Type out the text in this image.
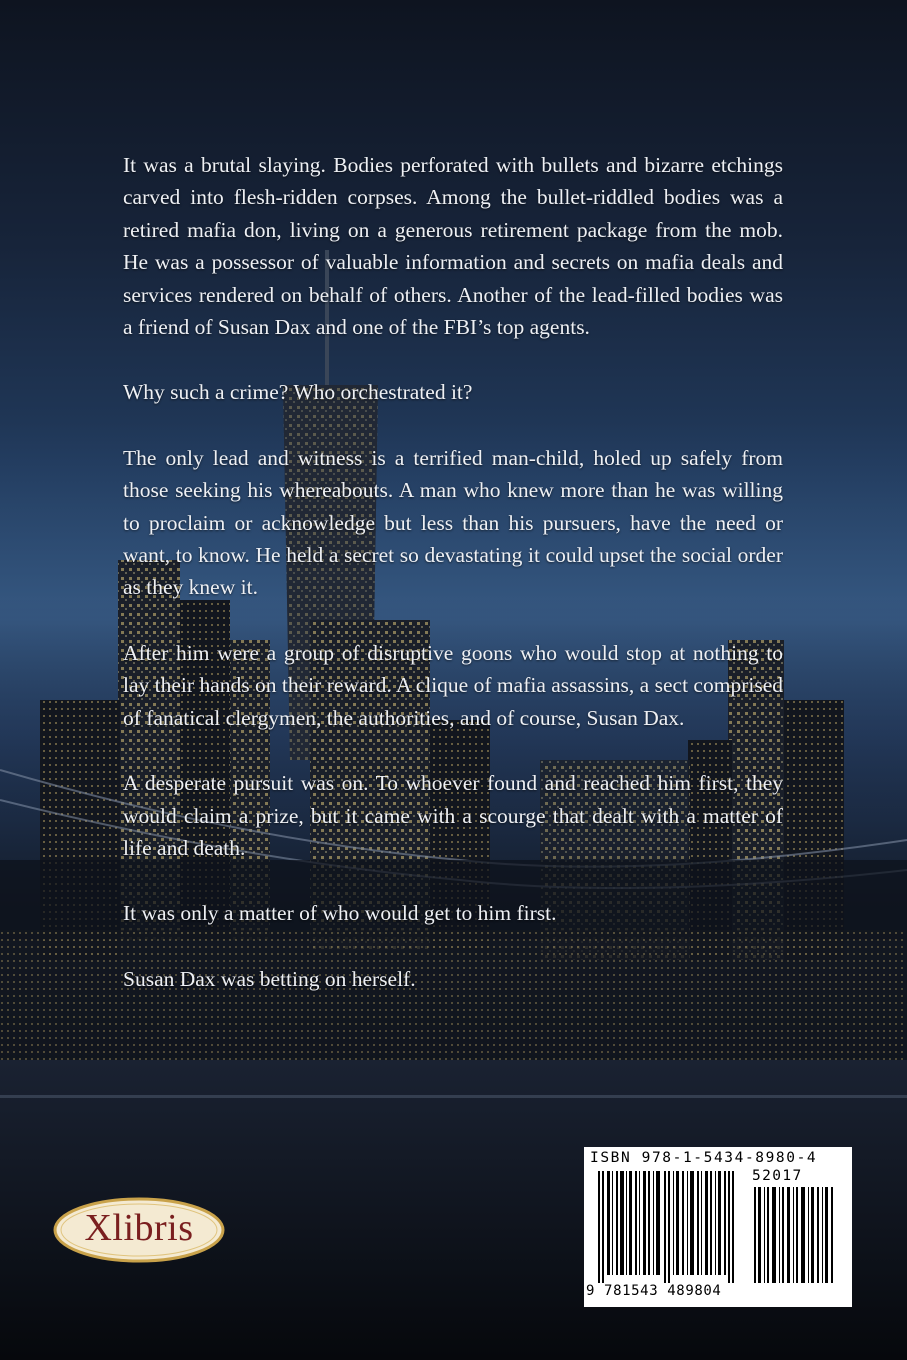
It was a brutal slaying. Bodies perforated with bullets and bizarre etchings carved into flesh-ridden corpses. Among the bullet-riddled bodies was a retired mafia don, living on a generous retirement package from the mob. He was a possessor of valuable information and secrets on mafia deals and services rendered on behalf of others. Another of the lead-filled bodies was a friend of Susan Dax and one of the FBI’s top agents.

Why such a crime? Who orchestrated it?

The only lead and witness is a terrified man-child, holed up safely from those seeking his whereabouts. A man who knew more than he was willing to proclaim or acknowledge but less than his pursuers, have the need or want, to know. He held a secret so devastating it could upset the social order as they knew it.

After him were a group of disruptive goons who would stop at nothing to lay their hands on their reward. A clique of mafia assassins, a sect comprised of fanatical clergymen, the authorities, and of course, Susan Dax.

A desperate pursuit was on. To whoever found and reached him first, they would claim a prize, but it came with a scourge that dealt with a matter of life and death.

It was only a matter of who would get to him first.

Susan Dax was betting on herself.

Xlibris
ISBN 978-1-5434-8980-4
52017
9 781543 489804
